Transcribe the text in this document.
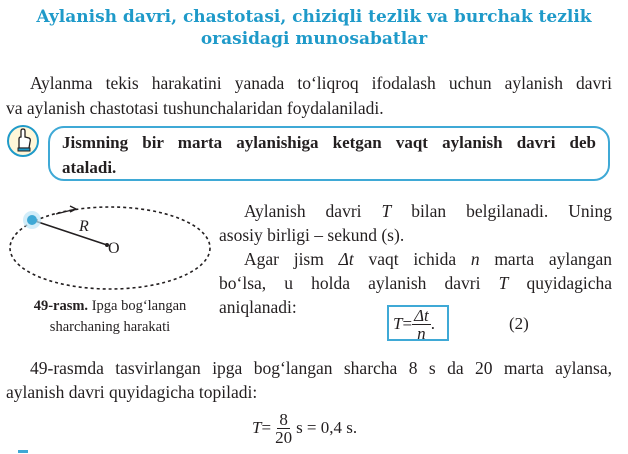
Aylanish davri, chastotasi, chiziqli tezlik va burchak tezlik
orasidagi munosabatlar
Aylanma tekis harakatini yanada to‘liqroq ifodalash uchun aylanish davri
va aylanish chastotasi tushunchalaridan foydalaniladi.
Jismning bir marta aylanishiga ketgan vaqt aylanish davri deb
ataladi.
R
O
49-rasm. Ipga bog‘langan
sharchaning harakati
Aylanish davri T bilan belgilanadi. Uning
asosiy birligi – sekund (s).
Agar jism Δt vaqt ichida n marta aylangan
bo‘lsa, u holda aylanish davri T quyidagicha
aniqlanadi:
$T = \frac{\Delta t}{n}$ .	(2)
49-rasmda tasvirlangan ipga bog‘langan sharcha 8 s da 20 marta aylansa,
aylanish davri quyidagicha topiladi:
$T = \frac{8}{20}$ s = 0,4 s.
